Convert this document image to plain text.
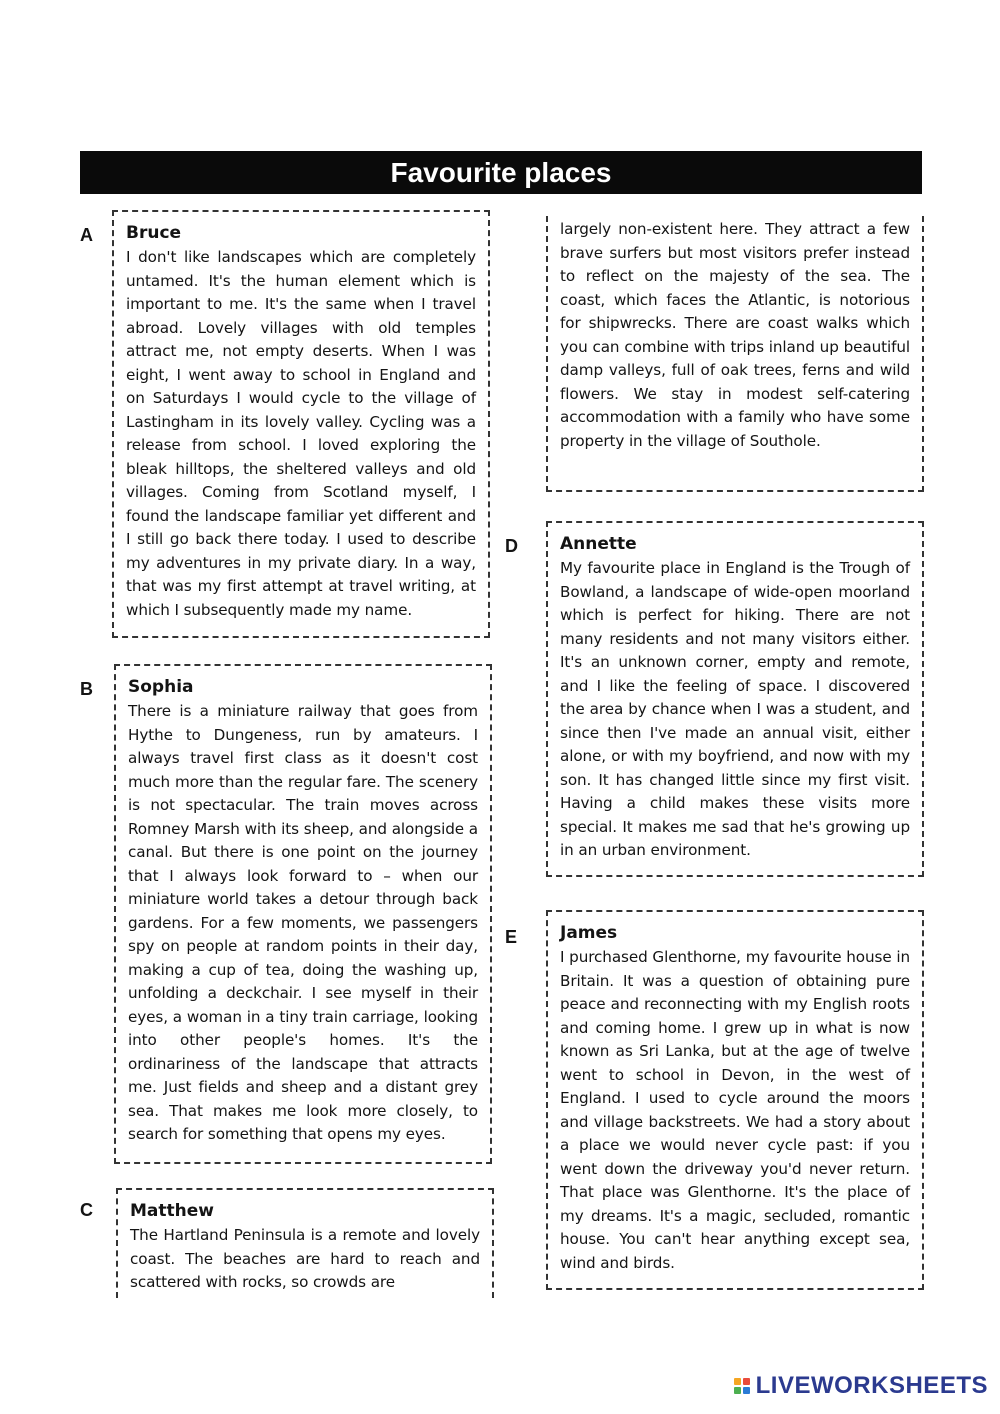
Favourite places
A Bruce

I don't like landscapes which are completely untamed. It's the human element which is important to me. It's the same when I travel abroad. Lovely villages with old temples attract me, not empty deserts. When I was eight, I went away to school in England and on Saturdays I would cycle to the village of Lastingham in its lovely valley. Cycling was a release from school. I loved exploring the bleak hilltops, the sheltered valleys and old villages. Coming from Scotland myself, I found the landscape familiar yet different and I still go back there today. I used to describe my adventures in my private diary. In a way, that was my first attempt at travel writing, at which I subsequently made my name.

B Sophia

There is a miniature railway that goes from Hythe to Dungeness, run by amateurs. I always travel first class as it doesn't cost much more than the regular fare. The scenery is not spectacular. The train moves across Romney Marsh with its sheep, and alongside a canal. But there is one point on the journey that I always look forward to – when our miniature world takes a detour through back gardens. For a few moments, we passengers spy on people at random points in their day, making a cup of tea, doing the washing up, unfolding a deckchair. I see myself in their eyes, a woman in a tiny train carriage, looking into other people's homes. It's the ordinariness of the landscape that attracts me. Just fields and sheep and a distant grey sea. That makes me look more closely, to search for something that opens my eyes.

C Matthew

The Hartland Peninsula is a remote and lovely coast. The beaches are hard to reach and scattered with rocks, so crowds are

largely non-existent here. They attract a few brave surfers but most visitors prefer instead to reflect on the majesty of the sea. The coast, which faces the Atlantic, is notorious for shipwrecks. There are coast walks which you can combine with trips inland up beautiful damp valleys, full of oak trees, ferns and wild flowers. We stay in modest self-catering accommodation with a family who have some property in the village of Southole.

D Annette

My favourite place in England is the Trough of Bowland, a landscape of wide-open moorland which is perfect for hiking. There are not many residents and not many visitors either. It's an unknown corner, empty and remote, and I like the feeling of space. I discovered the area by chance when I was a student, and since then I've made an annual visit, either alone, or with my boyfriend, and now with my son. It has changed little since my first visit. Having a child makes these visits more special. It makes me sad that he's growing up in an urban environment.

E	James

I purchased Glenthorne, my favourite house in Britain. It was a question of obtaining pure peace and reconnecting with my English roots and coming home. I grew up in what is now known as Sri Lanka, but at the age of twelve went to school in Devon, in the west of England. I used to cycle around the moors and village backstreets. We had a story about a place we would never cycle past: if you went down the driveway you'd never return. That place was Glenthorne. It's the place of my dreams. It's a magic, secluded, romantic house. You can't hear anything except sea, wind and birds.

LIVEWORKSHEETS
